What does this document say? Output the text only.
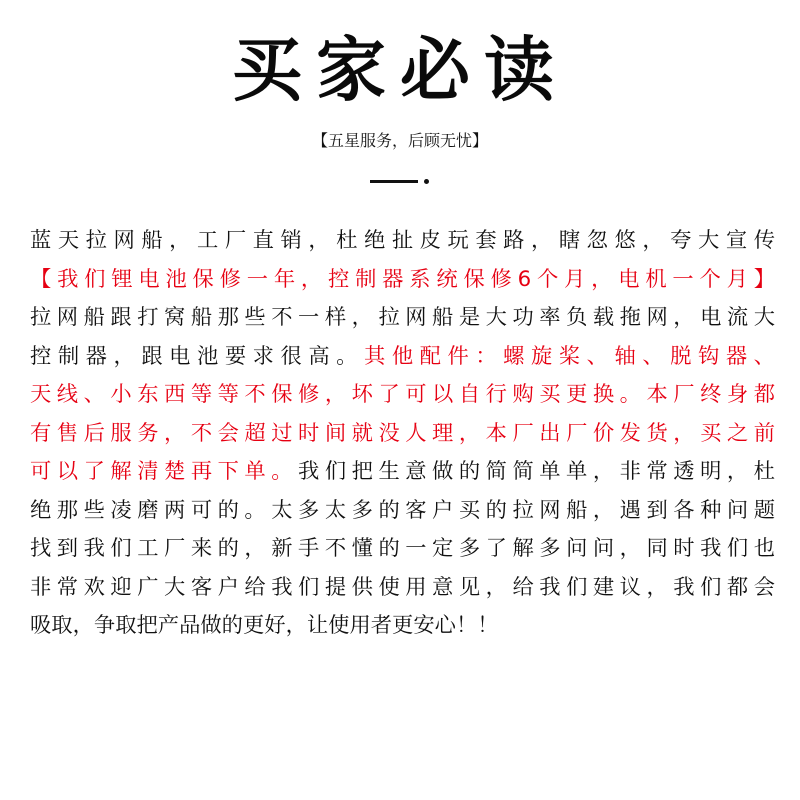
买家必读
【五星服务，后顾无忧】
蓝天拉网船，工厂直销，杜绝扯皮玩套路，瞎忽悠，夸大宣传
【我们锂电池保修一年，控制器系统保修6个月，电机一个月】
拉网船跟打窝船那些不一样，拉网船是大功率负载拖网，电流大
控制器，跟电池要求很高。其他配件：螺旋桨、轴、脱钩器、
天线、小东西等等不保修，坏了可以自行购买更换。本厂终身都
有售后服务，不会超过时间就没人理，本厂出厂价发货，买之前
可以了解清楚再下单。我们把生意做的简简单单，非常透明，杜
绝那些凌磨两可的。太多太多的客户买的拉网船，遇到各种问题
找到我们工厂来的，新手不懂的一定多了解多问问，同时我们也
非常欢迎广大客户给我们提供使用意见，给我们建议，我们都会
吸取，争取把产品做的更好，让使用者更安心！！
